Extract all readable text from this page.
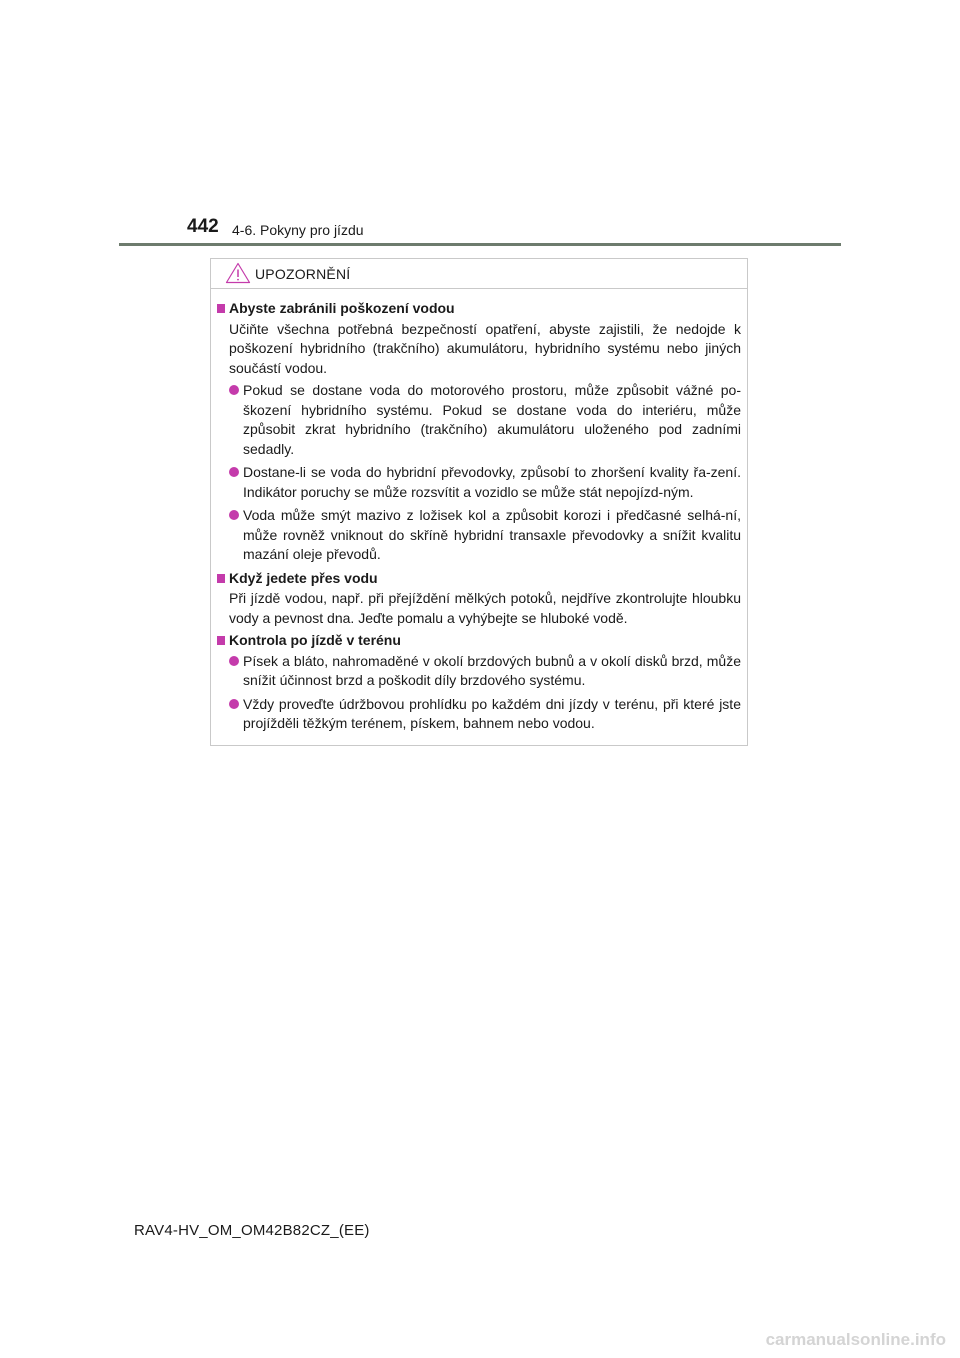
442 4-6. Pokyny pro jízdu
UPOZORNĚNÍ
Abyste zabránili poškození vodou
Učiňte všechna potřebná bezpečností opatření, abyste zajistili, že nedojde k poškození hybridního (trakčního) akumulátoru, hybridního systému nebo jiných součástí vodou.
Pokud se dostane voda do motorového prostoru, může způsobit vážné po-škození hybridního systému. Pokud se dostane voda do interiéru, může způsobit zkrat hybridního (trakčního) akumulátoru uloženého pod zadními sedadly.
Dostane-li se voda do hybridní převodovky, způsobí to zhoršení kvality řa-zení. Indikátor poruchy se může rozsvítit a vozidlo se může stát nepojízd-ným.
Voda může smýt mazivo z ložisek kol a způsobit korozi i předčasné selhá-ní, může rovněž vniknout do skříně hybridní transaxle převodovky a snížit kvalitu mazání oleje převodů.
Když jedete přes vodu
Při jízdě vodou, např. při přejíždění mělkých potoků, nejdříve zkontrolujte hloubku vody a pevnost dna. Jeďte pomalu a vyhýbejte se hluboké vodě.
Kontrola po jízdě v terénu
Písek a bláto, nahromaděné v okolí brzdových bubnů a v okolí disků brzd, může snížit účinnost brzd a poškodit díly brzdového systému.
Vždy proveďte údržbovou prohlídku po každém dni jízdy v terénu, při které jste projížděli těžkým terénem, pískem, bahnem nebo vodou.
RAV4-HV_OM_OM42B82CZ_(EE)
carmanualsonline.info
